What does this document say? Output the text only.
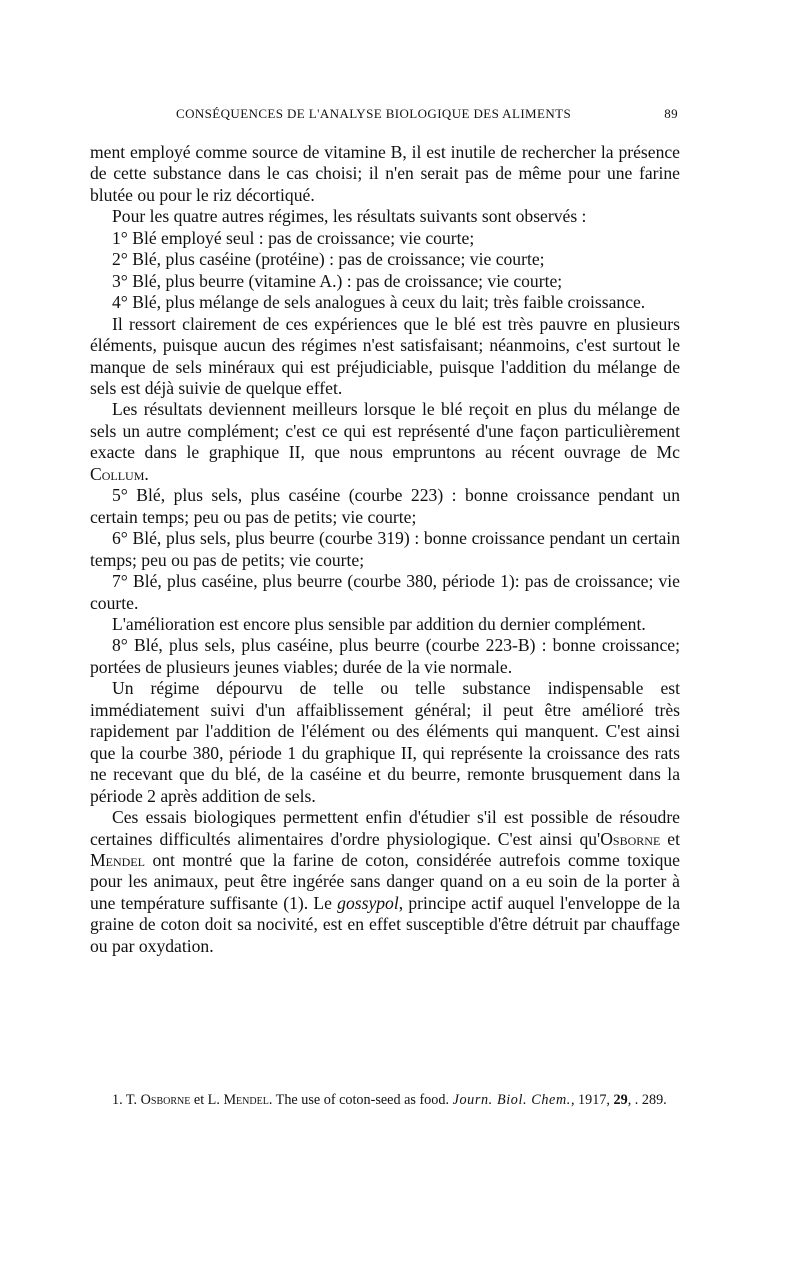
CONSÉQUENCES DE L'ANALYSE BIOLOGIQUE DES ALIMENTS	89

ment employé comme source de vitamine B, il est inutile de rechercher la présence de cette substance dans le cas choisi; il n'en serait pas de même pour une farine blutée ou pour le riz décortiqué.

Pour les quatre autres régimes, les résultats suivants sont observés :

1° Blé employé seul : pas de croissance; vie courte;

2° Blé, plus caséine (protéine) : pas de croissance; vie courte;

3° Blé, plus beurre (vitamine A.) : pas de croissance; vie courte;

4° Blé, plus mélange de sels analogues à ceux du lait; très faible croissance.

Il ressort clairement de ces expériences que le blé est très pauvre en plusieurs éléments, puisque aucun des régimes n'est satisfaisant; néanmoins, c'est surtout le manque de sels minéraux qui est préjudiciable, puisque l'addition du mélange de sels est déjà suivie de quelque effet.

Les résultats deviennent meilleurs lorsque le blé reçoit en plus du mélange de sels un autre complément; c'est ce qui est représenté d'une façon particulièrement exacte dans le graphique II, que nous empruntons au récent ouvrage de Mc Collum.

5° Blé, plus sels, plus caséine (courbe 223) : bonne croissance pendant un certain temps; peu ou pas de petits; vie courte;

6° Blé, plus sels, plus beurre (courbe 319) : bonne croissance pendant un certain temps; peu ou pas de petits; vie courte;

7° Blé, plus caséine, plus beurre (courbe 380, période 1): pas de croissance; vie courte.

L'amélioration est encore plus sensible par addition du dernier complément.

8° Blé, plus sels, plus caséine, plus beurre (courbe 223-B) : bonne croissance; portées de plusieurs jeunes viables; durée de la vie normale.

Un régime dépourvu de telle ou telle substance indispensable est immédiatement suivi d'un affaiblissement général; il peut être amélioré très rapidement par l'addition de l'élément ou des éléments qui manquent. C'est ainsi que la courbe 380, période 1 du graphique II, qui représente la croissance des rats ne recevant que du blé, de la caséine et du beurre, remonte brusquement dans la période 2 après addition de sels.

Ces essais biologiques permettent enfin d'étudier s'il est possible de résoudre certaines difficultés alimentaires d'ordre physiologique. C'est ainsi qu'Osborne et Mendel ont montré que la farine de coton, considérée autrefois comme toxique pour les animaux, peut être ingérée sans danger quand on a eu soin de la porter à une température suffisante (1). Le gossypol, principe actif auquel l'enveloppe de la graine de coton doit sa nocivité, est en effet susceptible d'être détruit par chauffage ou par oxydation.

1. T. Osborne et L. Mendel. The use of coton-seed as food. Journ. Biol. Chem., 1917, 29, . 289.
